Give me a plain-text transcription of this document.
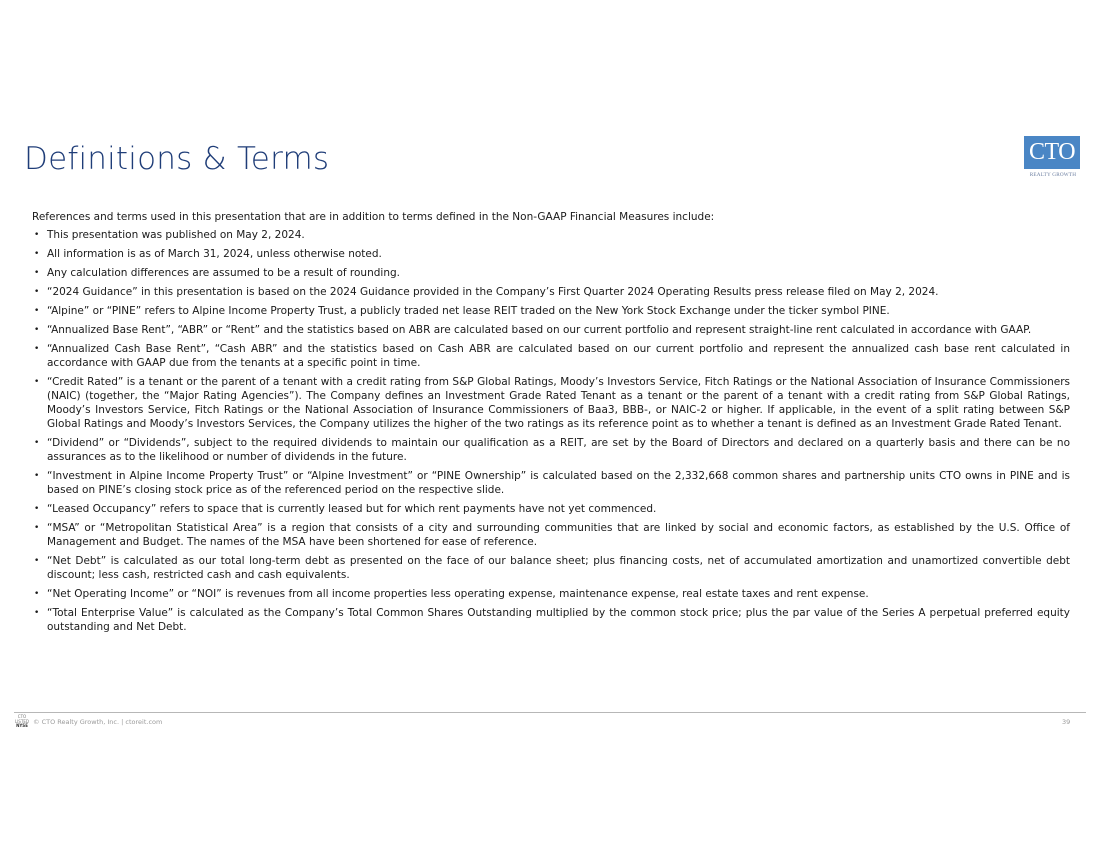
Definitions & Terms	CTO
REALTY GROWTH

References and terms used in this presentation that are in addition to terms defined in the Non-GAAP Financial Measures include:

• This presentation was published on May 2, 2024.
• All information is as of March 31, 2024, unless otherwise noted.
• Any calculation differences are assumed to be a result of rounding.
• “2024 Guidance” in this presentation is based on the 2024 Guidance provided in the Company’s First Quarter 2024 Operating Results press release filed on May 2, 2024.
• “Alpine” or “PINE” refers to Alpine Income Property Trust, a publicly traded net lease REIT traded on the New York Stock Exchange under the ticker symbol PINE.
• “Annualized Base Rent”, “ABR” or “Rent” and the statistics based on ABR are calculated based on our current portfolio and represent straight-line rent calculated in accordance with GAAP.
• “Annualized Cash Base Rent”, “Cash ABR” and the statistics based on Cash ABR are calculated based on our current portfolio and represent the annualized cash base rent calculated in accordance with GAAP due from the tenants at a specific point in time.
• “Credit Rated” is a tenant or the parent of a tenant with a credit rating from S&P Global Ratings, Moody’s Investors Service, Fitch Ratings or the National Association of Insurance Commissioners (NAIC) (together, the “Major Rating Agencies”). The Company defines an Investment Grade Rated Tenant as a tenant or the parent of a tenant with a credit rating from S&P Global Ratings, Moody’s Investors Service, Fitch Ratings or the National Association of Insurance Commissioners of Baa3, BBB-, or NAIC-2 or higher. If applicable, in the event of a split rating between S&P Global Ratings and Moody’s Investors Services, the Company utilizes the higher of the two ratings as its reference point as to whether a tenant is defined as an Investment Grade Rated Tenant.
• “Dividend” or “Dividends”, subject to the required dividends to maintain our qualification as a REIT, are set by the Board of Directors and declared on a quarterly basis and there can be no assurances as to the likelihood or number of dividends in the future.
• “Investment in Alpine Income Property Trust” or “Alpine Investment” or “PINE Ownership” is calculated based on the 2,332,668 common shares and partnership units CTO owns in PINE and is based on PINE’s closing stock price as of the referenced period on the respective slide.
• “Leased Occupancy” refers to space that is currently leased but for which rent payments have not yet commenced.
• “MSA” or “Metropolitan Statistical Area” is a region that consists of a city and surrounding communities that are linked by social and economic factors, as established by the U.S. Office of Management and Budget. The names of the MSA have been shortened for ease of reference.
• “Net Debt” is calculated as our total long-term debt as presented on the face of our balance sheet; plus financing costs, net of accumulated amortization and unamortized convertible debt discount; less cash, restricted cash and cash equivalents.
• “Net Operating Income” or “NOI” is revenues from all income properties less operating expense, maintenance expense, real estate taxes and rent expense.
• “Total Enterprise Value” is calculated as the Company’s Total Common Shares Outstanding multiplied by the common stock price; plus the par value of the Series A perpetual preferred equity outstanding and Net Debt.
CTO
LISTED
NYSE © CTO Realty Growth, Inc. | ctoreit.com	39
